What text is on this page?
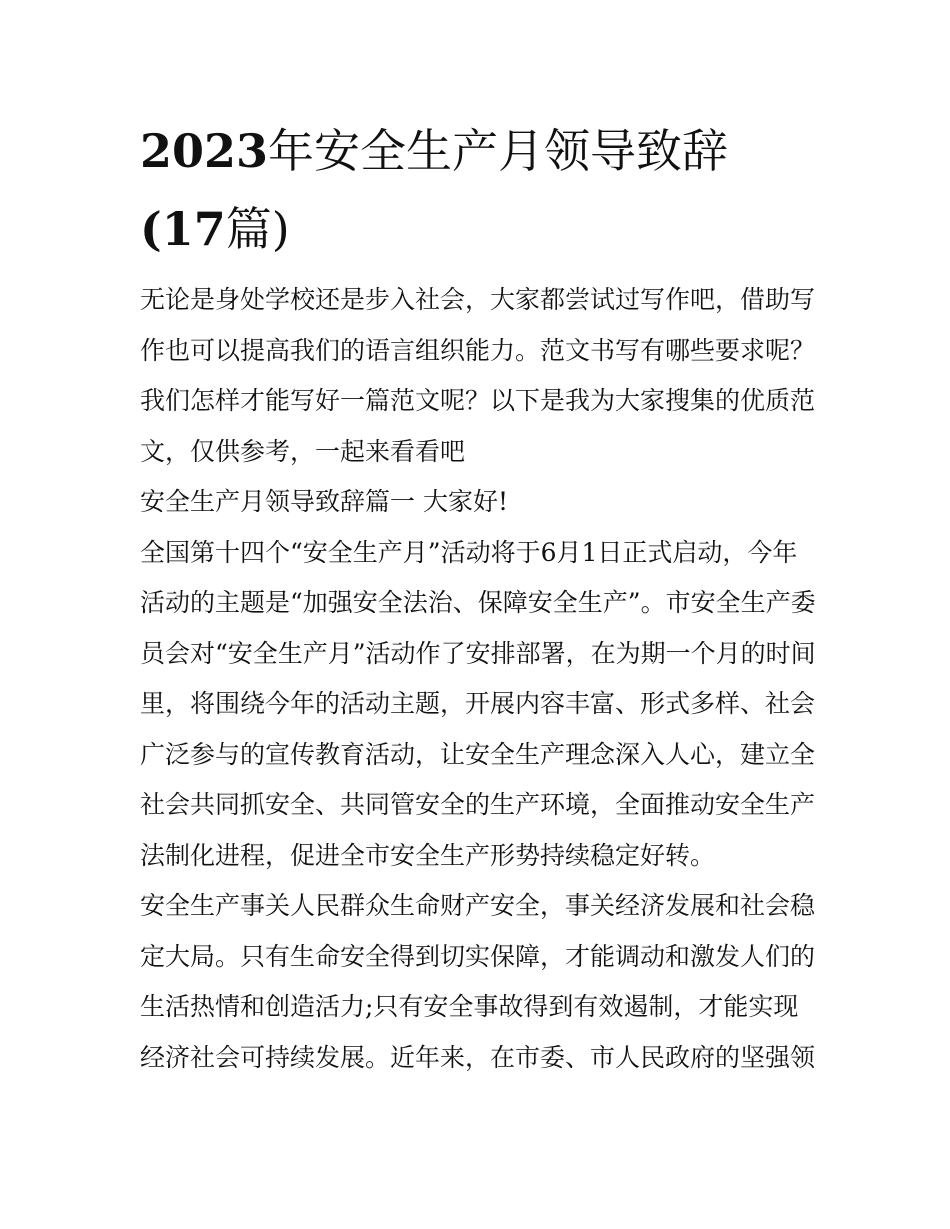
2023年安全生产月领导致辞
(17篇)
无论是身处学校还是步入社会，大家都尝试过写作吧，借助写
作也可以提高我们的语言组织能力。范文书写有哪些要求呢？
我们怎样才能写好一篇范文呢？以下是我为大家搜集的优质范
文，仅供参考，一起来看看吧
安全生产月领导致辞篇一 大家好!
全国第十四个“安全生产月”活动将于6月1日正式启动，今年
活动的主题是“加强安全法治、保障安全生产”。市安全生产委
员会对“安全生产月”活动作了安排部署，在为期一个月的时间
里，将围绕今年的活动主题，开展内容丰富、形式多样、社会
广泛参与的宣传教育活动，让安全生产理念深入人心，建立全
社会共同抓安全、共同管安全的生产环境，全面推动安全生产
法制化进程，促进全市安全生产形势持续稳定好转。
安全生产事关人民群众生命财产安全，事关经济发展和社会稳
定大局。只有生命安全得到切实保障，才能调动和激发人们的
生活热情和创造活力;只有安全事故得到有效遏制，才能实现
经济社会可持续发展。近年来，在市委、市人民政府的坚强领
